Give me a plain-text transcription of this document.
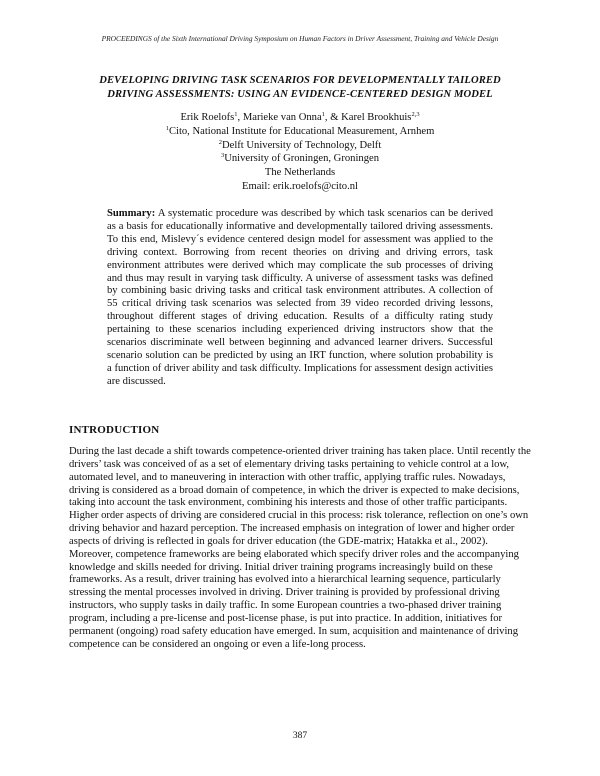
PROCEEDINGS of the Sixth International Driving Symposium on Human Factors in Driver Assessment, Training and Vehicle Design
DEVELOPING DRIVING TASK SCENARIOS FOR DEVELOPMENTALLY TAILORED
DRIVING ASSESSMENTS: USING AN EVIDENCE-CENTERED DESIGN MODEL
Erik Roelofs$^1$, Marieke van Onna$^1$, & Karel Brookhuis$^{2,3}$
$^1$Cito, National Institute for Educational Measurement, Arnhem
$^2$Delft University of Technology, Delft
$^3$University of Groningen, Groningen
The Netherlands
Email: erik.roelofs@cito.nl
Summary: A systematic procedure was described by which task scenarios can be derived as a basis for educationally informative and developmentally tailored driving assessments. To this end, Mislevy´s evidence centered design model for assessment was applied to the driving context. Borrowing from recent theories on driving and driving errors, task environment attributes were derived which may complicate the sub processes of driving and thus may result in varying task difficulty. A universe of assessment tasks was defined by combining basic driving tasks and critical task environment attributes. A collection of 55 critical driving task scenarios was selected from 39 video recorded driving lessons, throughout different stages of driving education. Results of a difficulty rating study pertaining to these scenarios including experienced driving instructors show that the scenarios discriminate well between beginning and advanced learner drivers. Successful scenario solution can be predicted by using an IRT function, where solution probability is a function of driver ability and task difficulty. Implications for assessment design activities are discussed.
INTRODUCTION
During the last decade a shift towards competence-oriented driver training has taken place. Until recently the drivers’ task was conceived of as a set of elementary driving tasks pertaining to vehicle control at a low, automated level, and to maneuvering in interaction with other traffic, applying traffic rules. Nowadays, driving is considered as a broad domain of competence, in which the driver is expected to make decisions, taking into account the task environment, combining his interests and those of other traffic participants. Higher order aspects of driving are considered crucial in this process: risk tolerance, reflection on one’s own driving behavior and hazard perception. The increased emphasis on integration of lower and higher order aspects of driving is reflected in goals for driver education (the GDE-matrix; Hatakka et al., 2002). Moreover, competence frameworks are being elaborated which specify driver roles and the accompanying knowledge and skills needed for driving. Initial driver training programs increasingly build on these frameworks. As a result, driver training has evolved into a hierarchical learning sequence, particularly stressing the mental processes involved in driving. Driver training is provided by professional driving instructors, who supply tasks in daily traffic. In some European countries a two-phased driver training program, including a pre-license and post-license phase, is put into practice. In addition, initiatives for permanent (ongoing) road safety education have emerged. In sum, acquisition and maintenance of driving competence can be considered an ongoing or even a life-long process.
387
